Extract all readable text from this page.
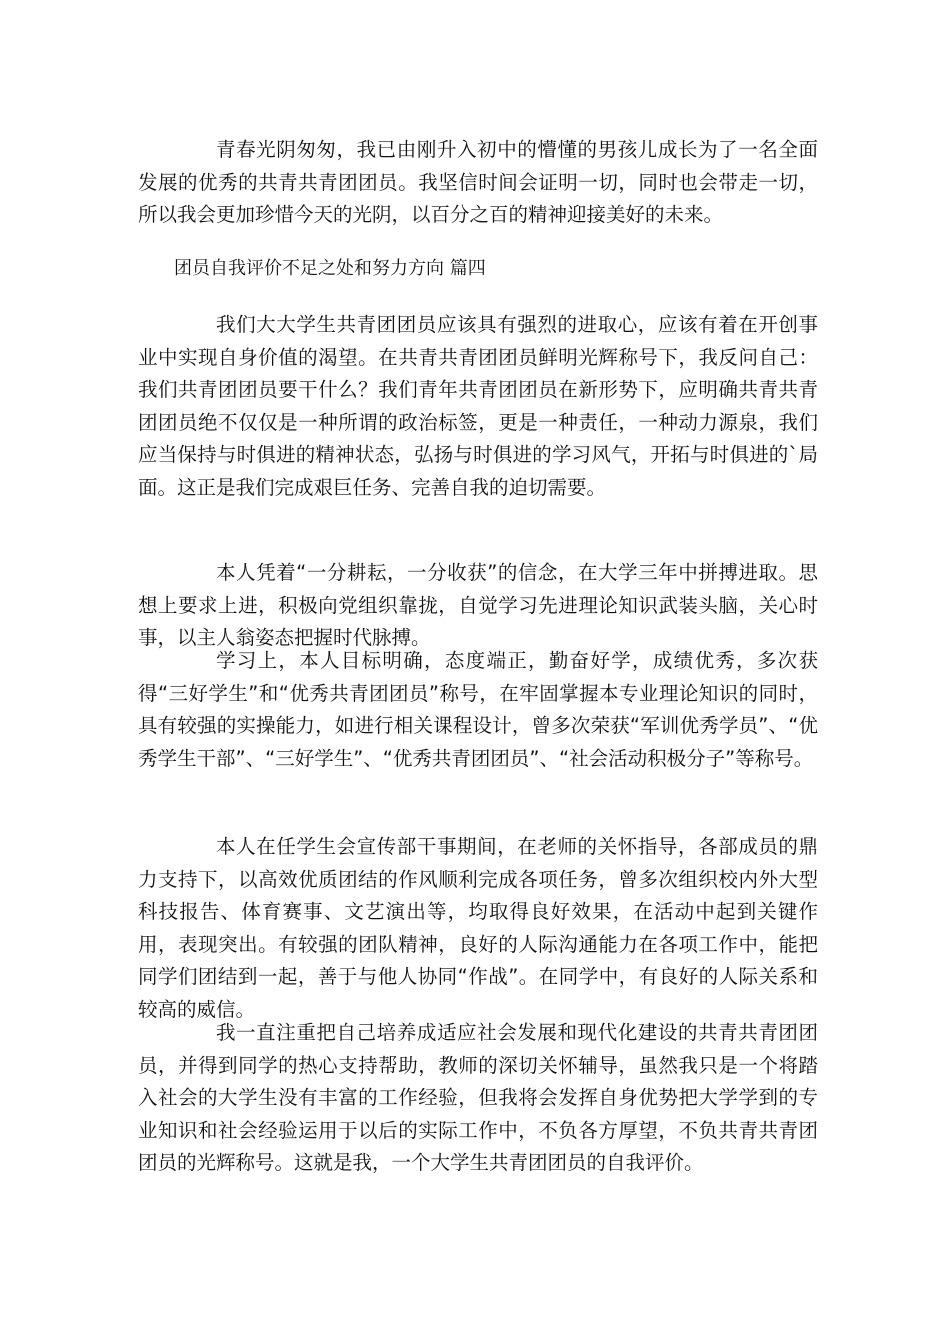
青春光阴匆匆，我已由刚升入初中的懵懂的男孩儿成长为了一名全面发展的优秀的共青共青团团员。我坚信时间会证明一切，同时也会带走一切，所以我会更加珍惜今天的光阴，以百分之百的精神迎接美好的未来。

团员自我评价不足之处和努力方向 篇四

我们大大学生共青团团员应该具有强烈的进取心，应该有着在开创事业中实现自身价值的渴望。在共青共青团团员鲜明光辉称号下，我反问自己：我们共青团团员要干什么？我们青年共青团团员在新形势下，应明确共青共青团团员绝不仅仅是一种所谓的政治标签，更是一种责任，一种动力源泉，我们应当保持与时俱进的精神状态，弘扬与时俱进的学习风气，开拓与时俱进的`局面。这正是我们完成艰巨任务、完善自我的迫切需要。

本人凭着“一分耕耘，一分收获”的信念，在大学三年中拼搏进取。思想上要求上进，积极向党组织靠拢，自觉学习先进理论知识武装头脑，关心时事，以主人翁姿态把握时代脉搏。

学习上，本人目标明确，态度端正，勤奋好学，成绩优秀，多次获得“三好学生”和“优秀共青团团员”称号，在牢固掌握本专业理论知识的同时，具有较强的实操能力，如进行相关课程设计，曾多次荣获“军训优秀学员”、“优秀学生干部”、“三好学生”、“优秀共青团团员”、“社会活动积极分子”等称号。

本人在任学生会宣传部干事期间，在老师的关怀指导，各部成员的鼎力支持下，以高效优质团结的作风顺利完成各项任务，曾多次组织校内外大型科技报告、体育赛事、文艺演出等，均取得良好效果，在活动中起到关键作用，表现突出。有较强的团队精神，良好的人际沟通能力在各项工作中，能把同学们团结到一起，善于与他人协同“作战”。在同学中，有良好的人际关系和较高的威信。

我一直注重把自己培养成适应社会发展和现代化建设的共青共青团团员，并得到同学的热心支持帮助，教师的深切关怀辅导，虽然我只是一个将踏入社会的大学生没有丰富的工作经验，但我将会发挥自身优势把大学学到的专业知识和社会经验运用于以后的实际工作中，不负各方厚望，不负共青共青团团员的光辉称号。这就是我，一个大学生共青团团员的自我评价。
